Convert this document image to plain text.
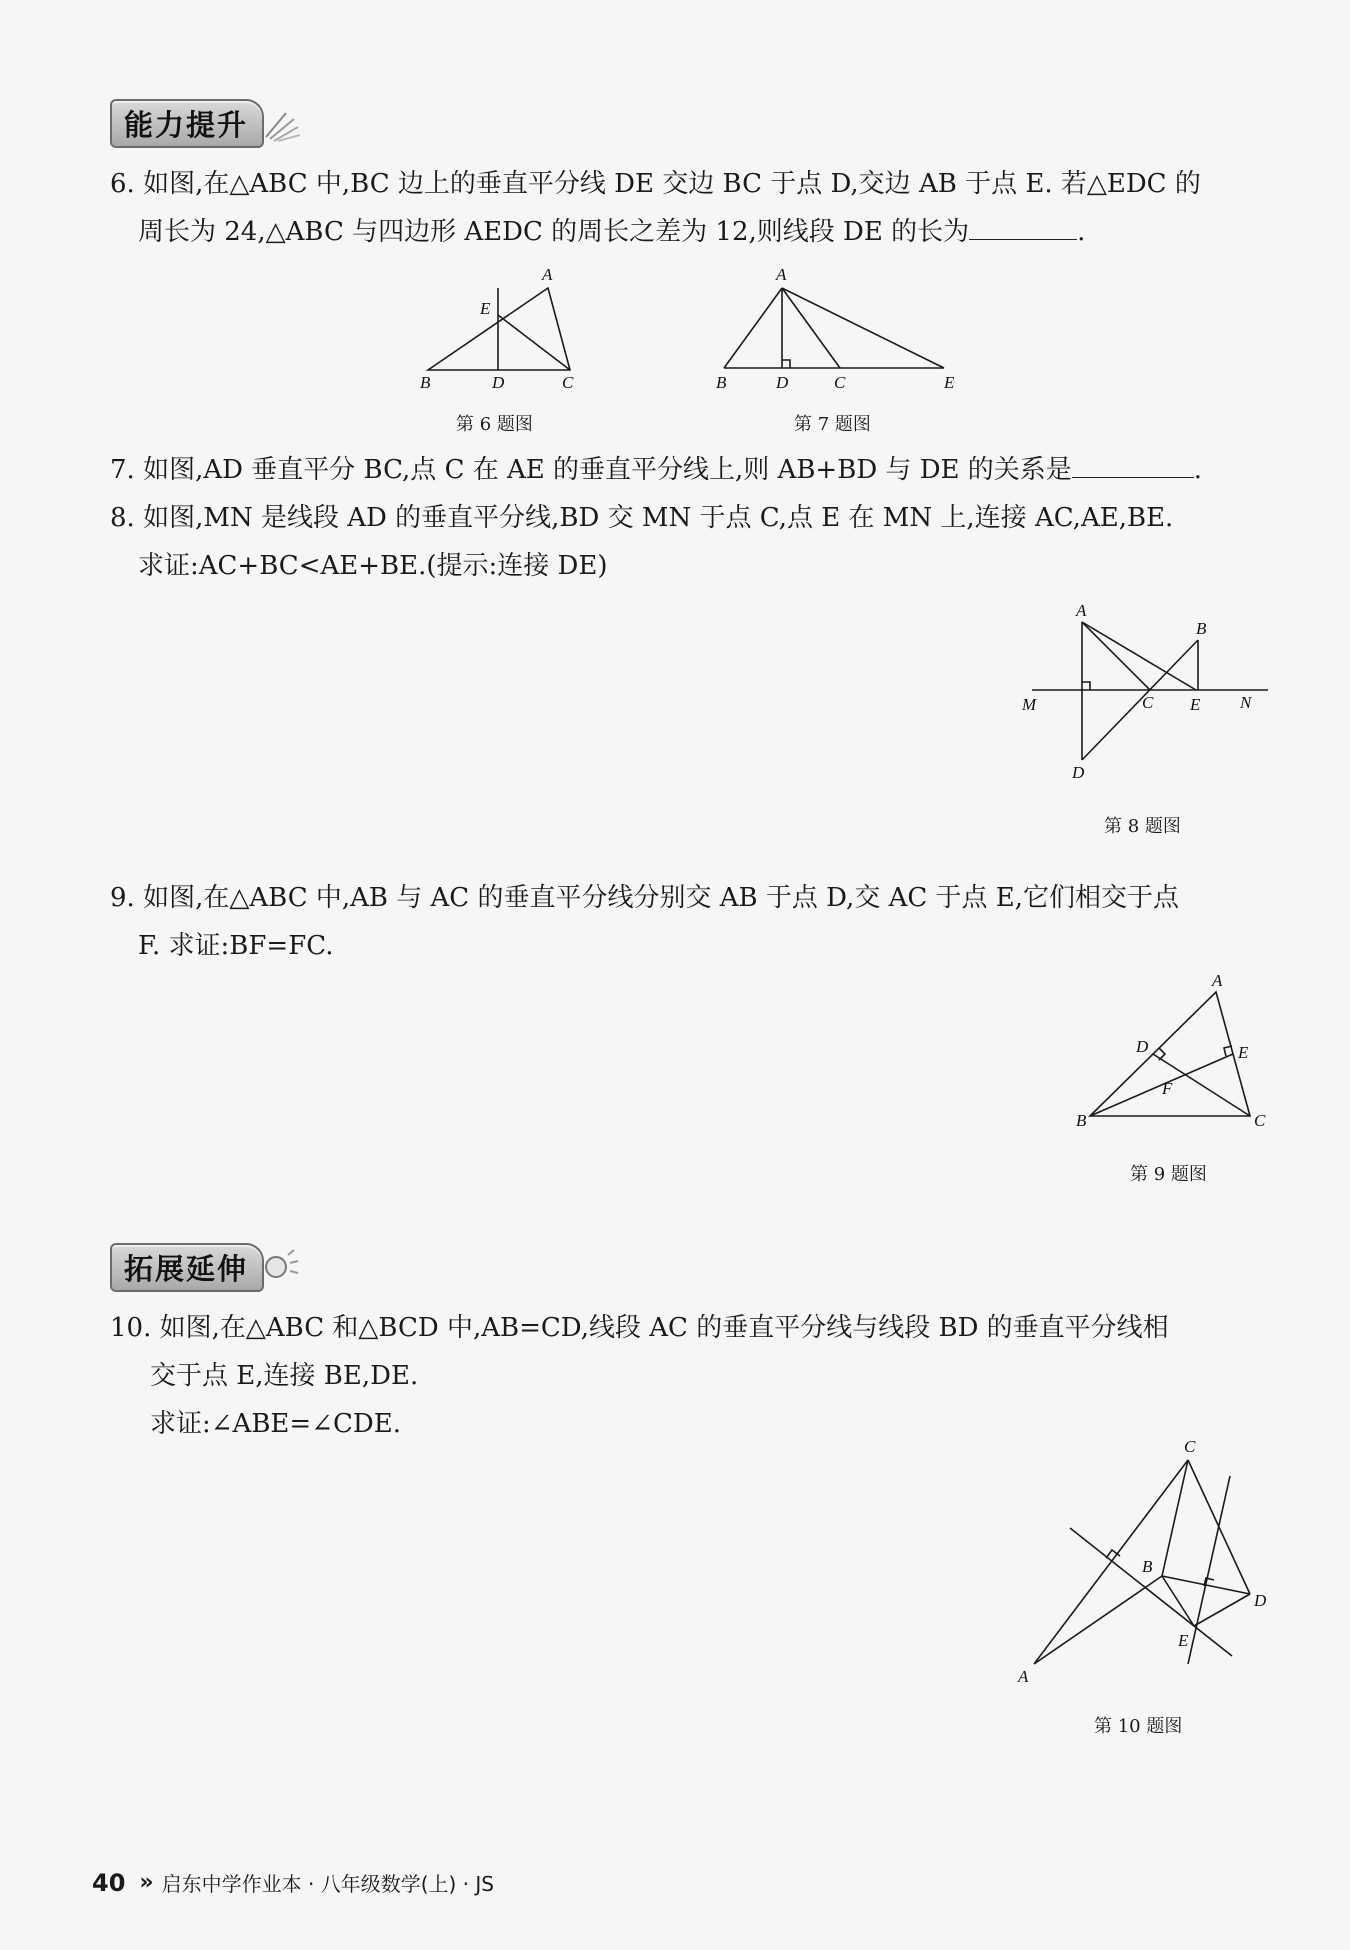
能力提升
6. 如图,在△ABC 中,BC 边上的垂直平分线 DE 交边 BC 于点 D,交边 AB 于点 E. 若△EDC 的
周长为 24,△ABC 与四边形 AEDC 的周长之差为 12,则线段 DE 的长为	.
A
B	C
D
E
第 6 题图
A
B	D	C	E
第 7 题图
7. 如图,AD 垂直平分 BC,点 C 在 AE 的垂直平分线上,则 AB+BD 与 DE 的关系是	.
8. 如图,MN 是线段 AD 的垂直平分线,BD 交 MN 于点 C,点 E 在 MN 上,连接 AC,AE,BE.
求证:AC+BC<AE+BE.(提示:连接 DE)
A
B
C E
M	N
D
第 8 题图
9. 如图,在△ABC 中,AB 与 AC 的垂直平分线分别交 AB 于点 D,交 AC 于点 E,它们相交于点
F. 求证:BF=FC.
A
B	C
D	E
F
第 9 题图
拓展延伸
10. 如图,在△ABC 和△BCD 中,AB=CD,线段 AC 的垂直平分线与线段 BD 的垂直平分线相
交于点 E,连接 BE,DE.
求证:∠ABE=∠CDE.
C
B
D
E
A
第 10 题图
40 » 启东中学作业本 · 八年级数学(上) · JS
